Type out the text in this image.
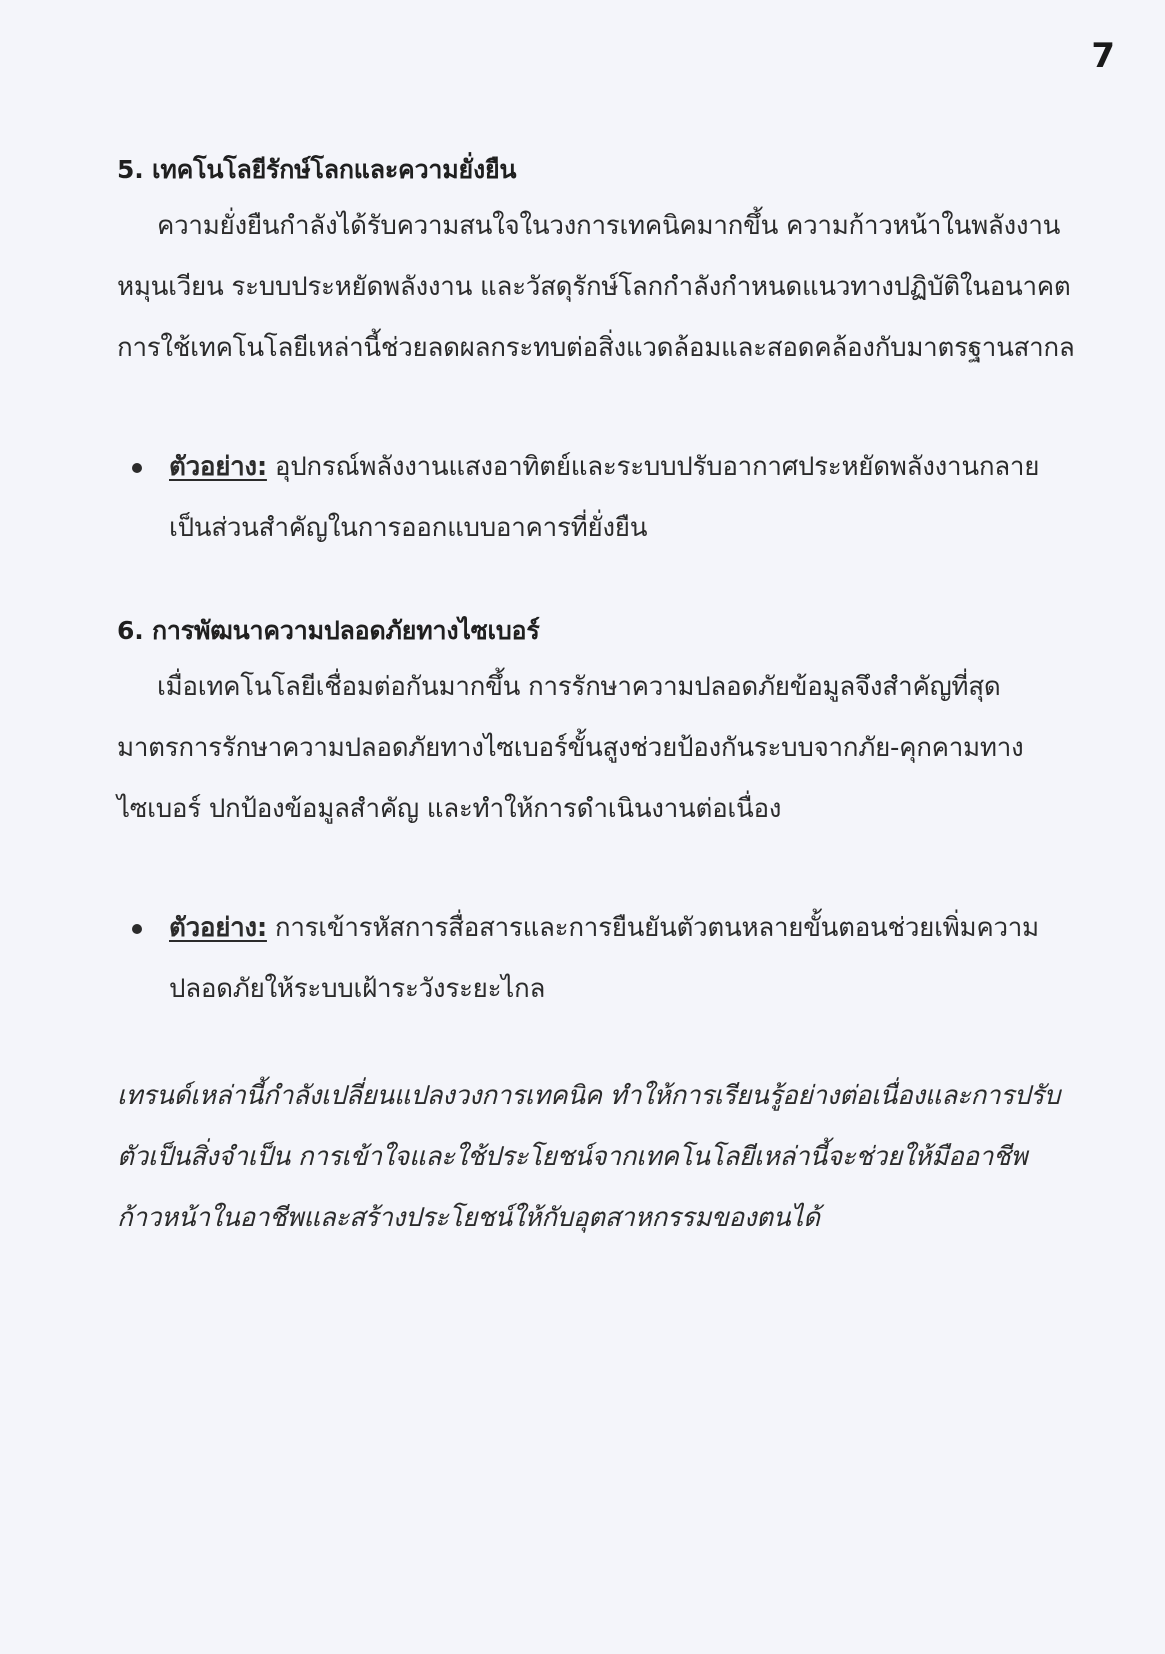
7
5. เทคโนโลยีรักษ์โลกและความยั่งยืน

ความยั่งยืนกำลังได้รับความสนใจในวงการเทคนิคมากขึ้น ความก้าวหน้าในพลังงานหมุนเวียน ระบบประหยัดพลังงาน และวัสดุรักษ์โลกกำลังกำหนดแนวทางปฏิบัติในอนาคต การใช้เทคโนโลยีเหล่านี้ช่วยลดผลกระทบต่อสิ่งแวดล้อมและสอดคล้องกับมาตรฐานสากล

ตัวอย่าง: อุปกรณ์พลังงานแสงอาทิตย์และระบบปรับอากาศประหยัดพลังงานกลายเป็นส่วนสำคัญในการออกแบบอาคารที่ยั่งยืน
6. การพัฒนาความปลอดภัยทางไซเบอร์

เมื่อเทคโนโลยีเชื่อมต่อกันมากขึ้น การรักษาความปลอดภัยข้อมูลจึงสำคัญที่สุด มาตรการรักษาความปลอดภัยทางไซเบอร์ขั้นสูงช่วยป้องกันระบบจากภัย-คุกคามทางไซเบอร์ ปกป้องข้อมูลสำคัญ และทำให้การดำเนินงานต่อเนื่อง

ตัวอย่าง: การเข้ารหัสการสื่อสารและการยืนยันตัวตนหลายขั้นตอนช่วยเพิ่มความปลอดภัยให้ระบบเฝ้าระวังระยะไกล

เทรนด์เหล่านี้กำลังเปลี่ยนแปลงวงการเทคนิค ทำให้การเรียนรู้อย่างต่อเนื่องและการปรับตัวเป็นสิ่งจำเป็น การเข้าใจและใช้ประโยชน์จากเทคโนโลยีเหล่านี้จะช่วยให้มืออาชีพก้าวหน้าในอาชีพและสร้างประโยชน์ให้กับอุตสาหกรรมของตนได้
